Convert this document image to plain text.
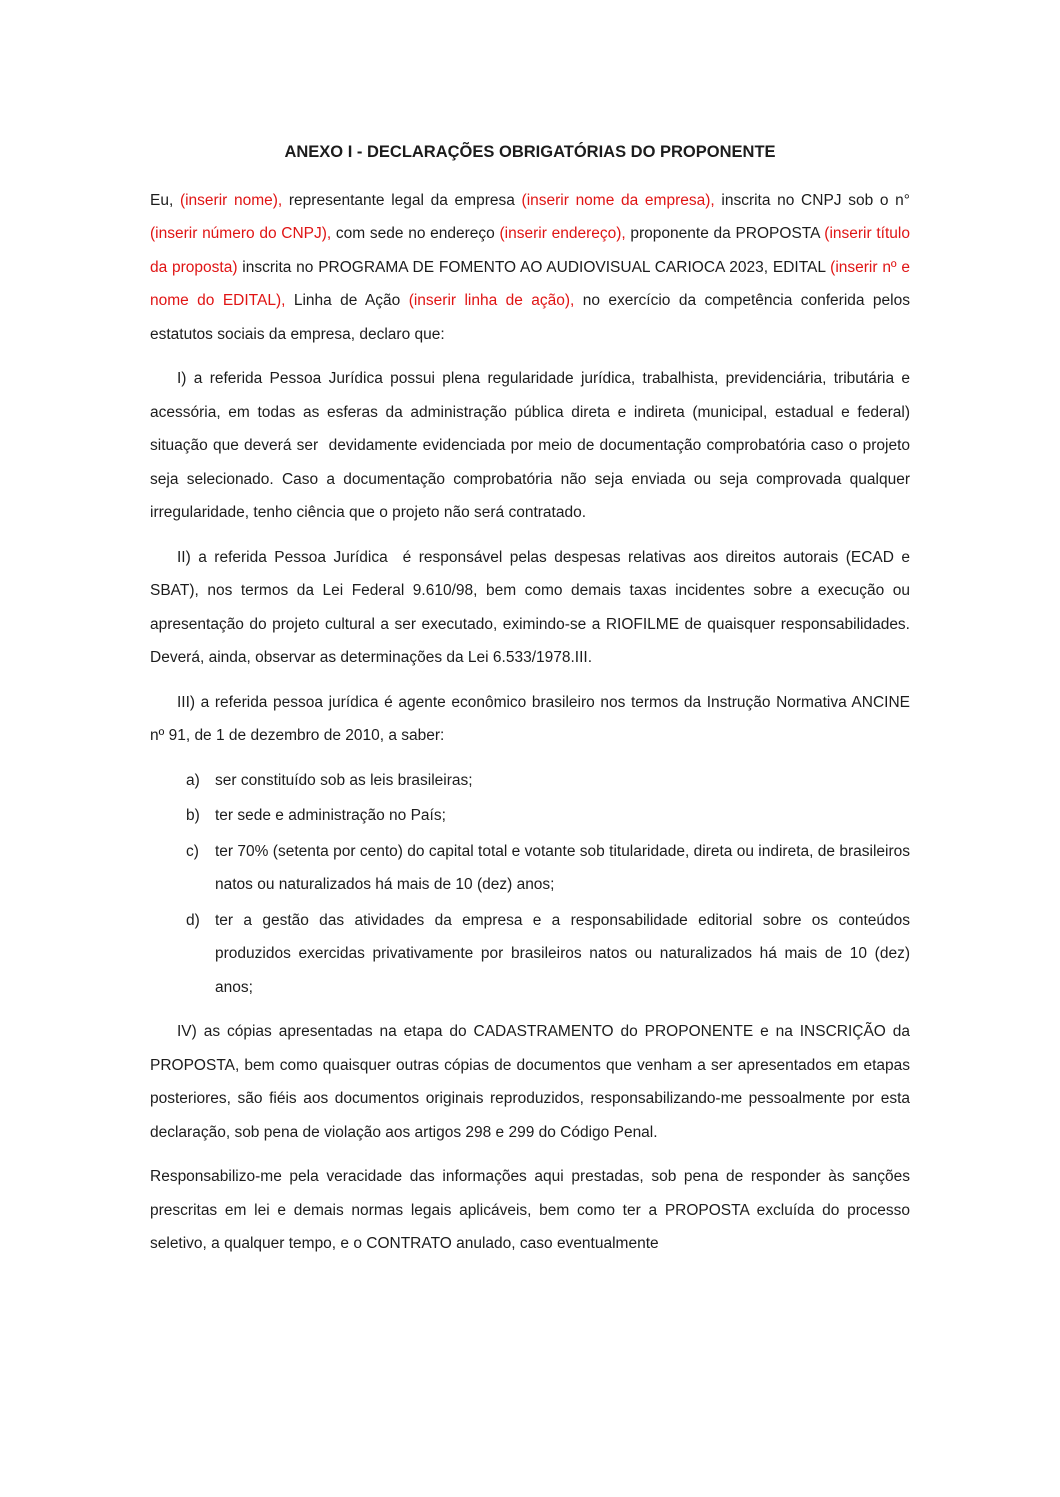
ANEXO I - DECLARAÇÕES OBRIGATÓRIAS DO PROPONENTE

Eu, (inserir nome), representante legal da empresa (inserir nome da empresa), inscrita no CNPJ sob o n° (inserir número do CNPJ), com sede no endereço (inserir endereço), proponente da PROPOSTA (inserir título da proposta) inscrita no PROGRAMA DE FOMENTO AO AUDIOVISUAL CARIOCA 2023, EDITAL (inserir nº e nome do EDITAL), Linha de Ação (inserir linha de ação), no exercício da competência conferida pelos estatutos sociais da empresa, declaro que:

I) a referida Pessoa Jurídica possui plena regularidade jurídica, trabalhista, previdenciária, tributária e acessória, em todas as esferas da administração pública direta e indireta (municipal, estadual e federal) situação que deverá ser  devidamente evidenciada por meio de documentação comprobatória caso o projeto seja selecionado. Caso a documentação comprobatória não seja enviada ou seja comprovada qualquer irregularidade, tenho ciência que o projeto não será contratado.

II) a referida Pessoa Jurídica  é responsável pelas despesas relativas aos direitos autorais (ECAD e SBAT), nos termos da Lei Federal 9.610/98, bem como demais taxas incidentes sobre a execução ou apresentação do projeto cultural a ser executado, eximindo-se a RIOFILME de quaisquer responsabilidades. Deverá, ainda, observar as determinações da Lei 6.533/1978.III.

III) a referida pessoa jurídica é agente econômico brasileiro nos termos da Instrução Normativa ANCINE nº 91, de 1 de dezembro de 2010, a saber:

a) ser constituído sob as leis brasileiras;
b) ter sede e administração no País;
c) ter 70% (setenta por cento) do capital total e votante sob titularidade, direta ou indireta, de brasileiros natos ou naturalizados há mais de 10 (dez) anos;
d) ter a gestão das atividades da empresa e a responsabilidade editorial sobre os conteúdos produzidos exercidas privativamente por brasileiros natos ou naturalizados há mais de 10 (dez) anos;

IV) as cópias apresentadas na etapa do CADASTRAMENTO do PROPONENTE e na INSCRIÇÃO da PROPOSTA, bem como quaisquer outras cópias de documentos que venham a ser apresentados em etapas posteriores, são fiéis aos documentos originais reproduzidos, responsabilizando-me pessoalmente por esta declaração, sob pena de violação aos artigos 298 e 299 do Código Penal.

Responsabilizo-me pela veracidade das informações aqui prestadas, sob pena de responder às sanções prescritas em lei e demais normas legais aplicáveis, bem como ter a PROPOSTA excluída do processo seletivo, a qualquer tempo, e o CONTRATO anulado, caso eventualmente
